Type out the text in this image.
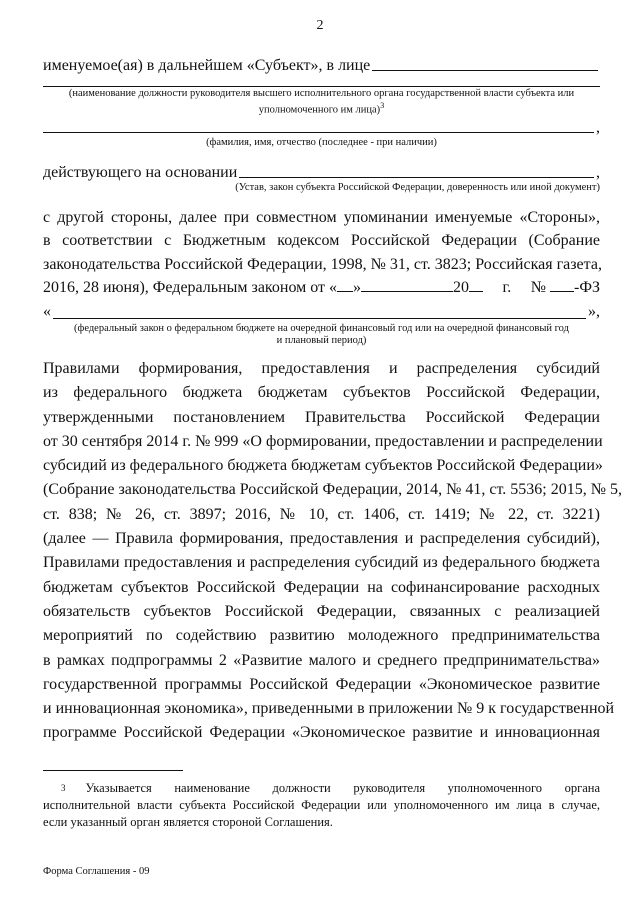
2
именуемое(ая) в дальнейшем «Субъект», в лице
(наименование должности руководителя высшего исполнительного органа государственной власти субъекта или
уполномоченного им лица)$^3$
,
(фамилия, имя, отчество (последнее - при наличии)
действующего на основании	,
(Устав, закон субъекта Российской Федерации, доверенность или иной документ)
с другой стороны, далее при совместном упоминании именуемые «Стороны»,
в соответствии с Бюджетным кодексом Российской Федерации (Собрание
законодательства Российской Федерации, 1998, № 31, ст. 3823; Российская газета,
2016, 28 июня), Федеральным законом от « »	20	г. № -ФЗ
«	»,
(федеральный закон о федеральном бюджете на очередной финансовый год или на очередной финансовый год
и плановый период)
Правилами формирования, предоставления и распределения субсидий
из федерального бюджета бюджетам субъектов Российской Федерации,
утвержденными постановлением Правительства Российской Федерации
от 30 сентября 2014 г. № 999 «О формировании, предоставлении и распределении
субсидий из федерального бюджета бюджетам субъектов Российской Федерации»
(Собрание законодательства Российской Федерации, 2014, № 41, ст. 5536; 2015, № 5,
ст. 838; № 26, ст. 3897; 2016, № 10, ст. 1406, ст. 1419; № 22, ст. 3221)
(далее — Правила формирования, предоставления и распределения субсидий),
Правилами предоставления и распределения субсидий из федерального бюджета
бюджетам субъектов Российской Федерации на софинансирование расходных
обязательств субъектов Российской Федерации, связанных с реализацией
мероприятий по содействию развитию молодежного предпринимательства
в рамках подпрограммы 2 «Развитие малого и среднего предпринимательства»
государственной программы Российской Федерации «Экономическое развитие
и инновационная экономика», приведенными в приложении № 9 к государственной
программе Российской Федерации «Экономическое развитие и инновационная
3 Указывается наименование должности руководителя уполномоченного органа
исполнительной власти субъекта Российской Федерации или уполномоченного им лица в случае,
если указанный орган является стороной Соглашения.
Форма Соглашения - 09
